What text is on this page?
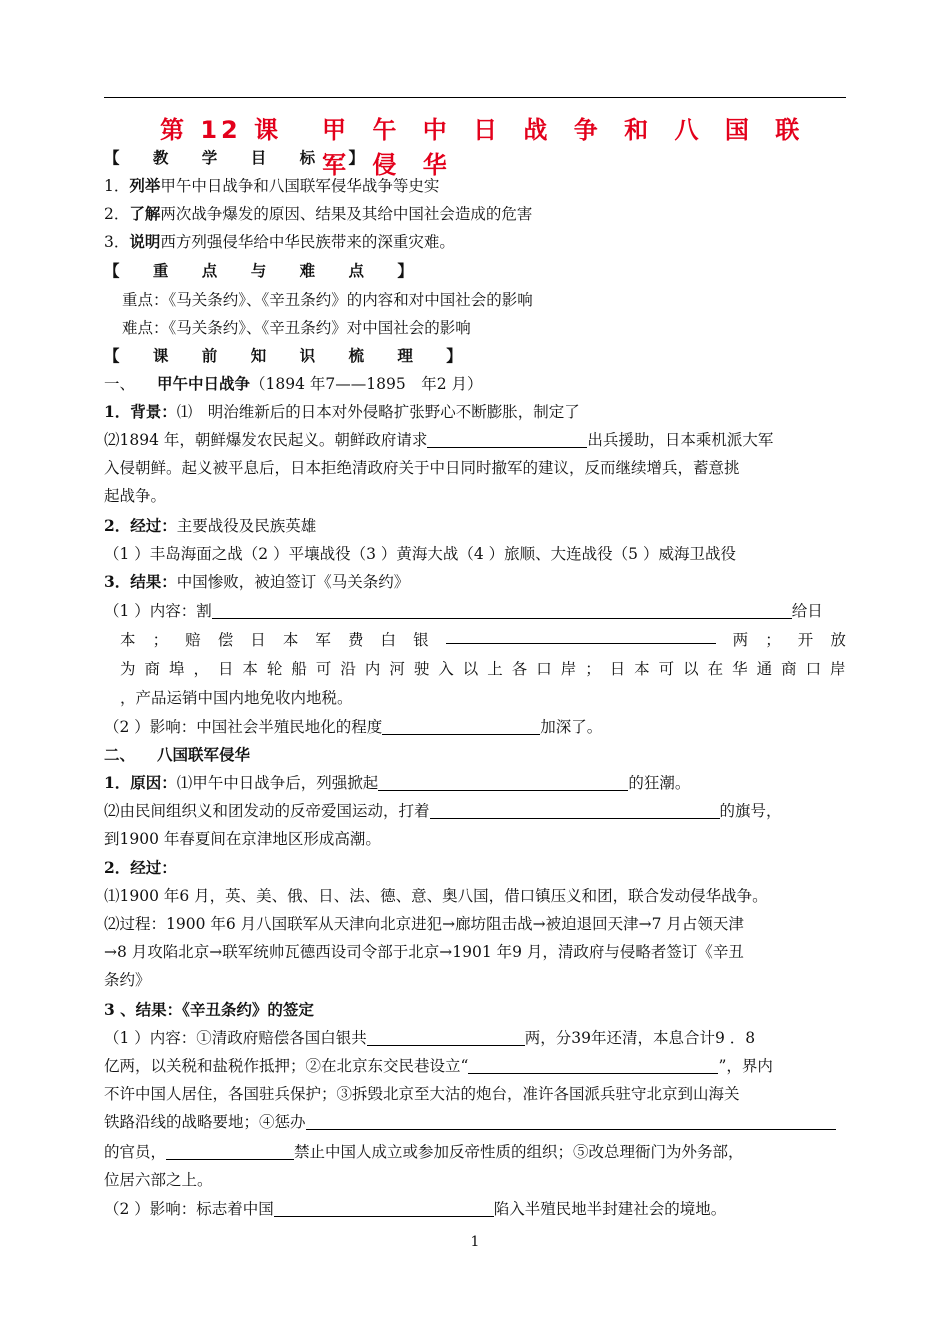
第 12 课 甲 午 中 日 战 争 和 八 国 联 军 侵 华
【 教 学 目 标 】
1．列举甲午中日战争和八国联军侵华战争等史实
2．了解两次战争爆发的原因、结果及其给中国社会造成的危害
3．说明西方列强侵华给中华民族带来的深重灾难。
【 重 点 与 难 点 】
重点：《马关条约》、《辛丑条约》的内容和对中国社会的影响
难点：《马关条约》、《辛丑条约》对中国社会的影响
【 课 前 知 识 梳 理 】
一、 甲午中日战争（1894 年7——1895　年2 月）
1．背景：⑴　明治维新后的日本对外侵略扩张野心不断膨胀，制定了
⑵1894 年，朝鲜爆发农民起义。朝鲜政府请求	出兵援助，日本乘机派大军
入侵朝鲜。起义被平息后，日本拒绝清政府关于中日同时撤军的建议，反而继续增兵，蓄意挑
起战争。
2．经过：主要战役及民族英雄
（1 ）丰岛海面之战（2 ）平壤战役（3 ）黄海大战（4 ）旅顺、大连战役（5 ）威海卫战役
3．结果：中国惨败，被迫签订《马关条约》
（1 ）内容：割	给日
本 ； 赔 偿 日 本 军 费 白 银	两 ； 开 放
为 商 埠 ， 日 本 轮 船 可 沿 内 河 驶 入 以 上 各 口 岸 ； 日 本 可 以 在 华 通 商 口 岸
，产品运销中国内地免收内地税。
（2 ）影响：中国社会半殖民地化的程度	加深了。
二、 八国联军侵华
1．原因：⑴甲午中日战争后，列强掀起	的狂潮。
⑵由民间组织义和团发动的反帝爱国运动，打着	的旗号，
到1900 年春夏间在京津地区形成高潮。
2．经过：
⑴1900 年6 月，英、美、俄、日、法、德、意、奥八国，借口镇压义和团，联合发动侵华战争。
⑵过程：1900 年6 月八国联军从天津向北京进犯→廊坊阻击战→被迫退回天津→7 月占领天津
→8 月攻陷北京→联军统帅瓦德西设司令部于北京→1901 年9 月，清政府与侵略者签订《辛丑
条约》
3 、结果：《辛丑条约》的签定
（1 ）内容：①清政府赔偿各国白银共	两，分39年还清，本息合计9 ．8
亿两，以关税和盐税作抵押；②在北京东交民巷设立“	”，界内
不许中国人居住，各国驻兵保护；③拆毁北京至大沽的炮台，准许各国派兵驻守北京到山海关
铁路沿线的战略要地；④惩办
的官员，	禁止中国人成立或参加反帝性质的组织；⑤改总理衙门为外务部，
位居六部之上。
（2 ）影响：标志着中国	陷入半殖民地半封建社会的境地。
1
